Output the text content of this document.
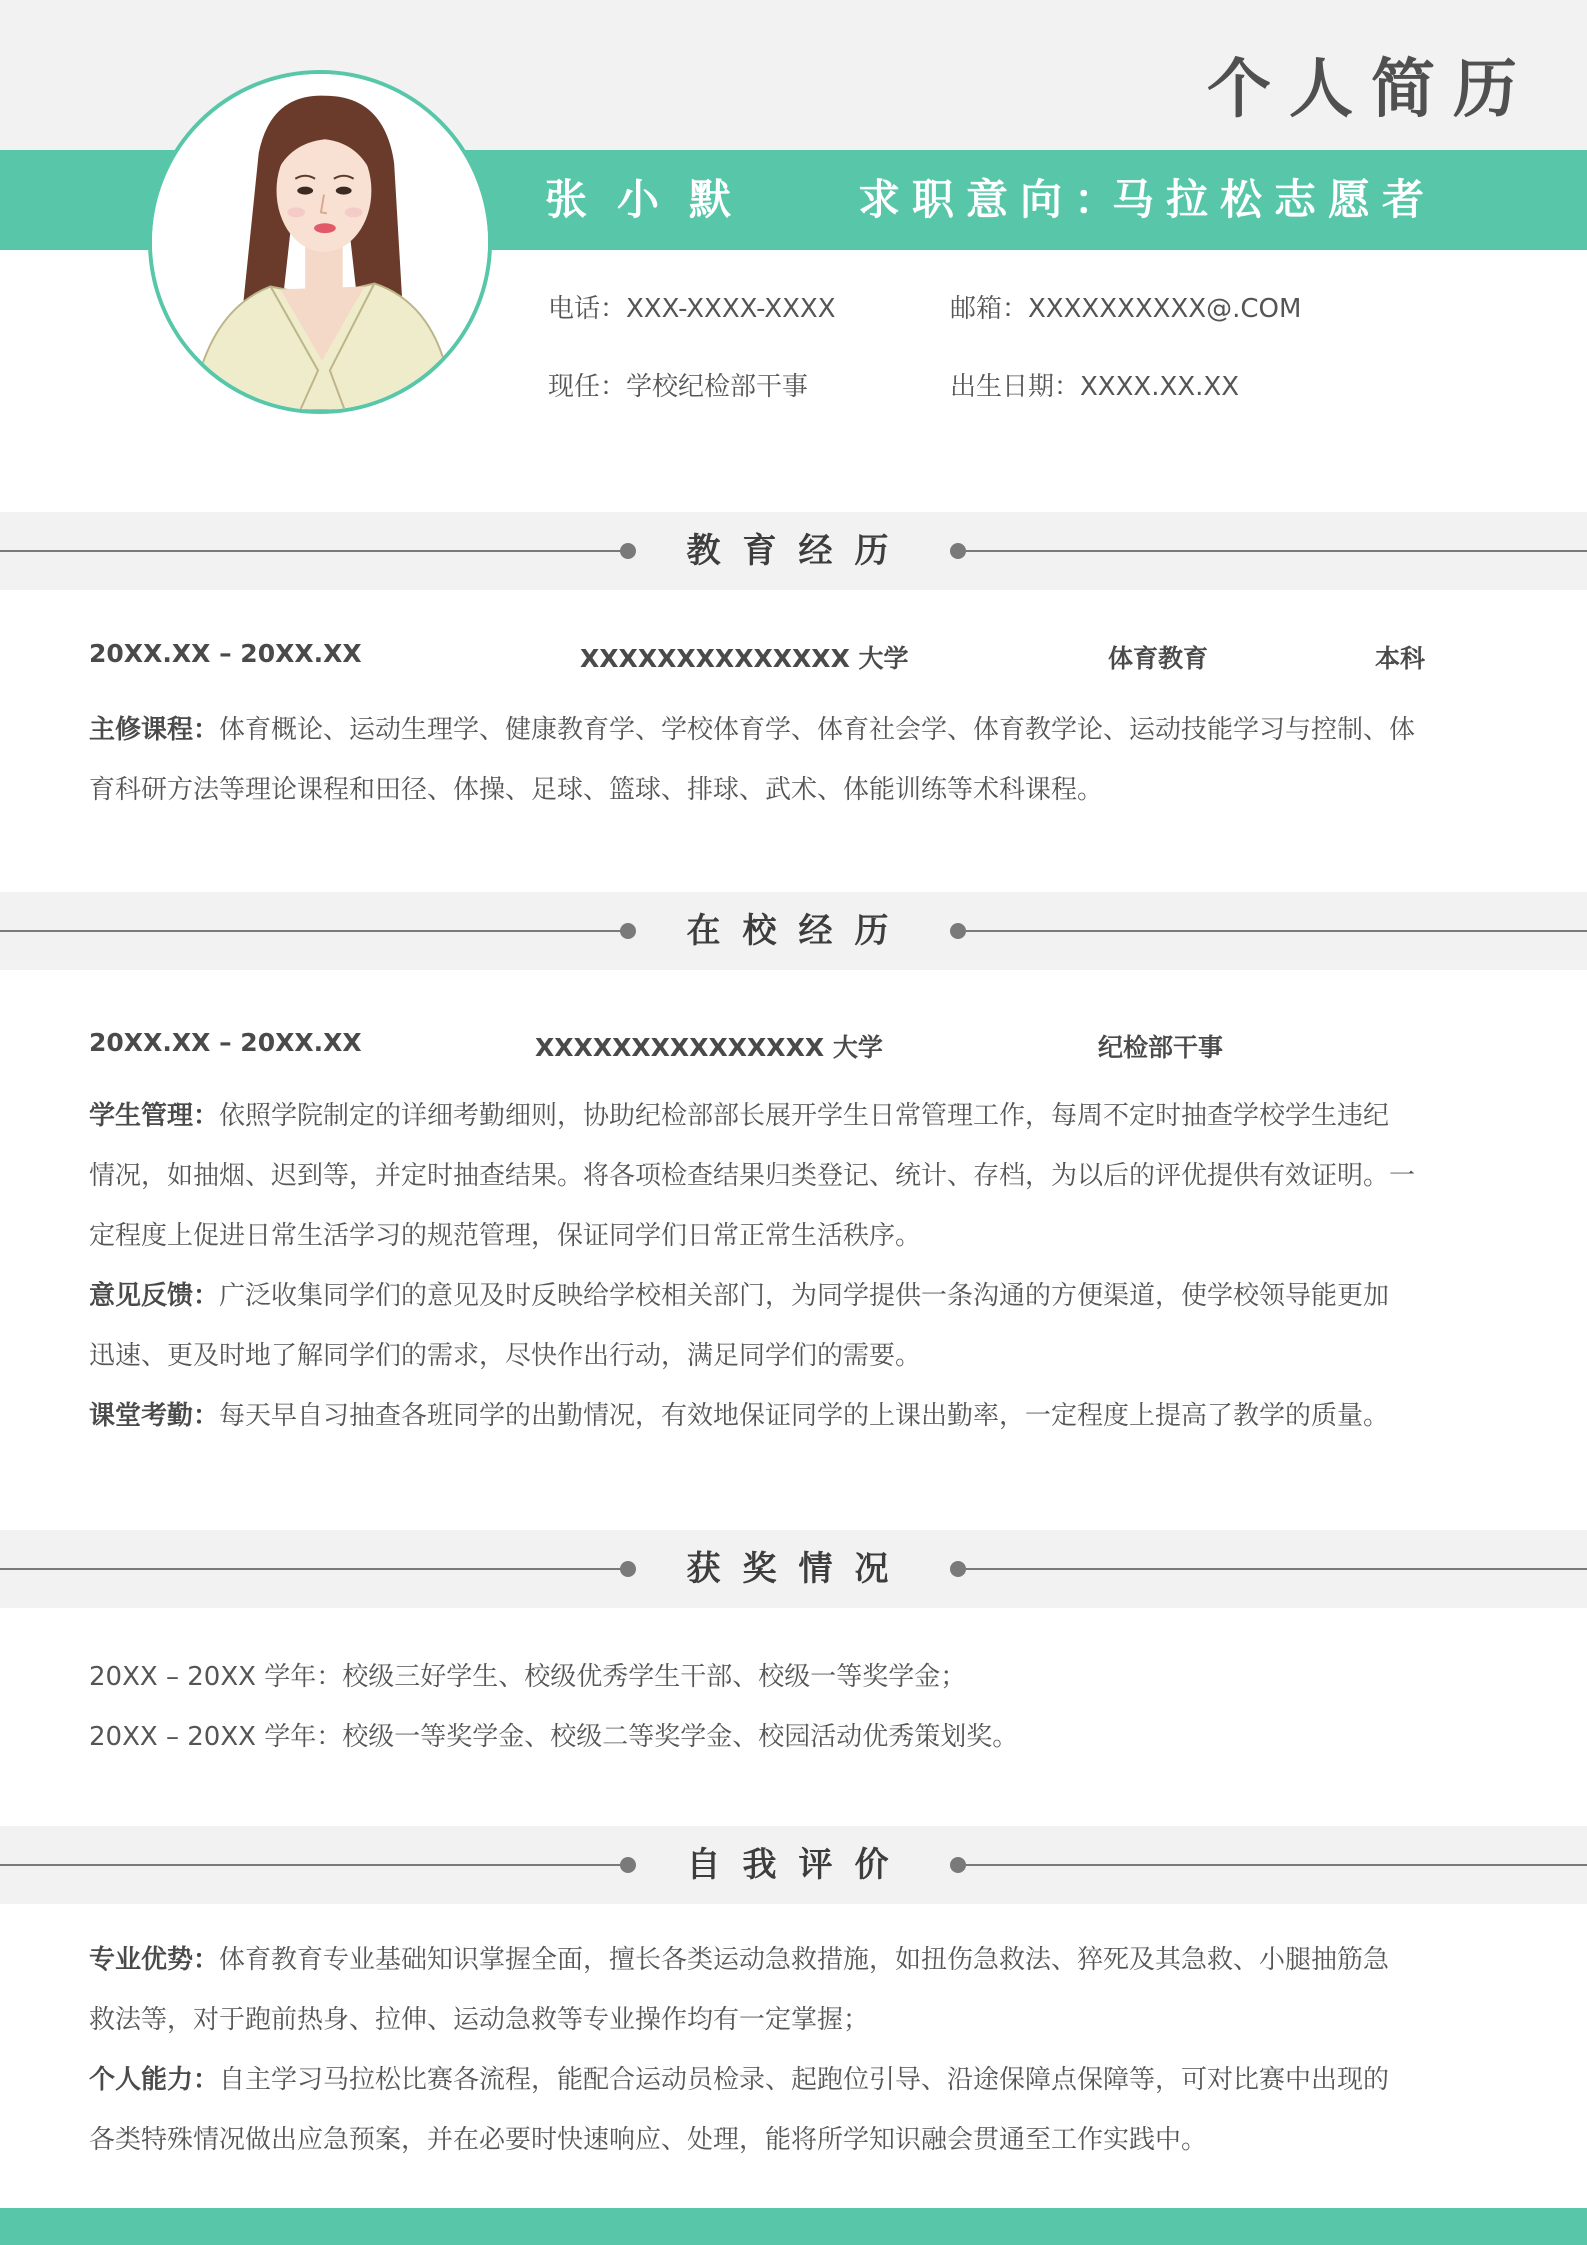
个人简历
张小默 求职意向：
马拉松志愿者
电话：XXX-XXXX-XXXX	邮箱：XXXXXXXXXX@.COM
现任：学校纪检部干事	出生日期：XXXX.XX.XX
教育经历
20XX.XX – 20XX.XX	XXXXXXXXXXXXXX 大学	体育教育	本科
主修课程：体育概论、运动生理学、健康教育学、学校体育学、体育社会学、体育教学论、运动技能学习与控制、体
育科研方法等理论课程和田径、体操、足球、篮球、排球、武术、体能训练等术科课程。
在校经历
20XX.XX – 20XX.XX	XXXXXXXXXXXXXXX 大学	纪检部干事
学生管理：依照学院制定的详细考勤细则，协助纪检部部长展开学生日常管理工作，每周不定时抽查学校学生违纪
情况，如抽烟、迟到等，并定时抽查结果。将各项检查结果归类登记、统计、存档，为以后的评优提供有效证明。一
定程度上促进日常生活学习的规范管理，保证同学们日常正常生活秩序。
意见反馈：广泛收集同学们的意见及时反映给学校相关部门，为同学提供一条沟通的方便渠道，使学校领导能更加
迅速、更及时地了解同学们的需求，尽快作出行动，满足同学们的需要。
课堂考勤：每天早自习抽查各班同学的出勤情况，有效地保证同学的上课出勤率，一定程度上提高了教学的质量。
获奖情况
20XX – 20XX 学年：校级三好学生、校级优秀学生干部、校级一等奖学金；
20XX – 20XX 学年：校级一等奖学金、校级二等奖学金、校园活动优秀策划奖。
自我评价
专业优势：体育教育专业基础知识掌握全面，擅长各类运动急救措施，如扭伤急救法、猝死及其急救、小腿抽筋急
救法等，对于跑前热身、拉伸、运动急救等专业操作均有一定掌握；
个人能力：自主学习马拉松比赛各流程，能配合运动员检录、起跑位引导、沿途保障点保障等，可对比赛中出现的
各类特殊情况做出应急预案，并在必要时快速响应、处理，能将所学知识融会贯通至工作实践中。
